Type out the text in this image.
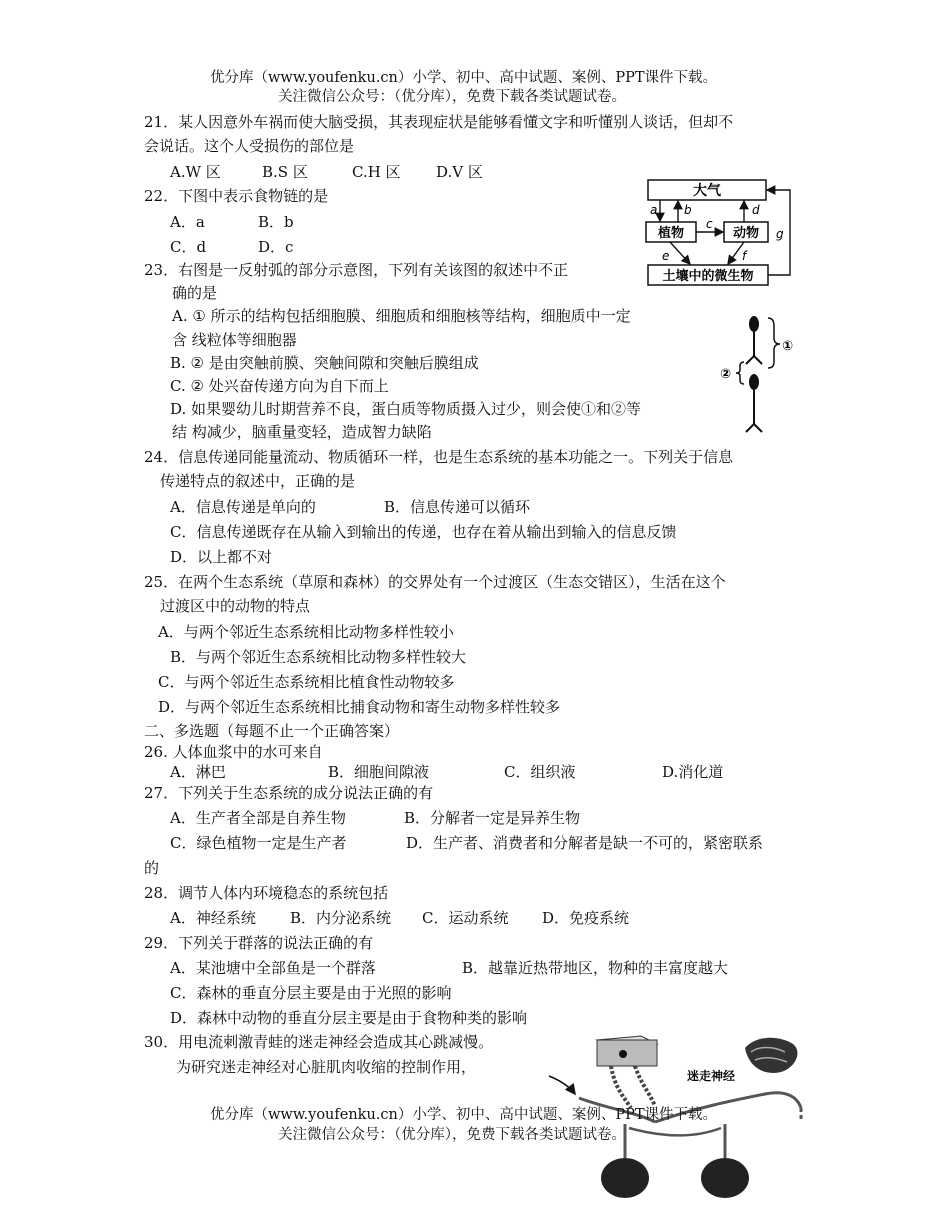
优分库（www.youfenku.cn）小学、初中、高中试题、案例、PPT课件下载。
关注微信公众号：（优分库），免费下载各类试题试卷。
21．某人因意外车祸而使大脑受损，其表现症状是能够看懂文字和听懂别人谈话，但却不
会说话。这个人受损伤的部位是
A.W 区	B.S 区	C.H 区 D.V 区
22．下图中表示食物链的是
A．a	B．b
C．d	D．c
大气
植物	动物
土壤中的微生物
a b
c
d
e	f
g
23．右图是一反射弧的部分示意图，下列有关该图的叙述中不正
确的是
A. ① 所示的结构包括细胞膜、细胞质和细胞核等结构，细胞质中一定
含 线粒体等细胞器
B. ② 是由突触前膜、突触间隙和突触后膜组成
C. ② 处兴奋传递方向为自下而上
D. 如果婴幼儿时期营养不良，蛋白质等物质摄入过少，则会使①和②等
结 构减少，脑重量变轻，造成智力缺陷
①
②
24．信息传递同能量流动、物质循环一样，也是生态系统的基本功能之一。下列关于信息
传递特点的叙述中，正确的是
A．信息传递是单向的	B．信息传递可以循环
C．信息传递既存在从输入到输出的传递，也存在着从输出到输入的信息反馈
D．以上都不对
25．在两个生态系统（草原和森林）的交界处有一个过渡区（生态交错区），生活在这个
过渡区中的动物的特点
A．与两个邻近生态系统相比动物多样性较小
B．与两个邻近生态系统相比动物多样性较大
C．与两个邻近生态系统相比植食性动物较多
D．与两个邻近生态系统相比捕食动物和寄生动物多样性较多
二、多选题（每题不止一个正确答案）
26. 人体血浆中的水可来自
A．淋巴	B．细胞间隙液	C．组织液	D.消化道
27．下列关于生态系统的成分说法正确的有
A．生产者全部是自养生物	B．分解者一定是异养生物
C．绿色植物一定是生产者	D．生产者、消费者和分解者是缺一不可的，紧密联系
的
28．调节人体内环境稳态的系统包括
A．神经系统 B．内分泌系统 C．运动系统 D．免疫系统
29．下列关于群落的说法正确的有
A．某池塘中全部鱼是一个群落	B．越靠近热带地区，物种的丰富度越大
C．森林的垂直分层主要是由于光照的影响
D．森林中动物的垂直分层主要是由于食物种类的影响
30．用电流刺激青蛙的迷走神经会造成其心跳减慢。
为研究迷走神经对心脏肌肉收缩的控制作用，	迷走神经
优分库（www.youfenku.cn）小学、初中、高中试题、案例、PPT课件下载。
关注微信公众号：（优分库），免费下载各类试题试卷。
